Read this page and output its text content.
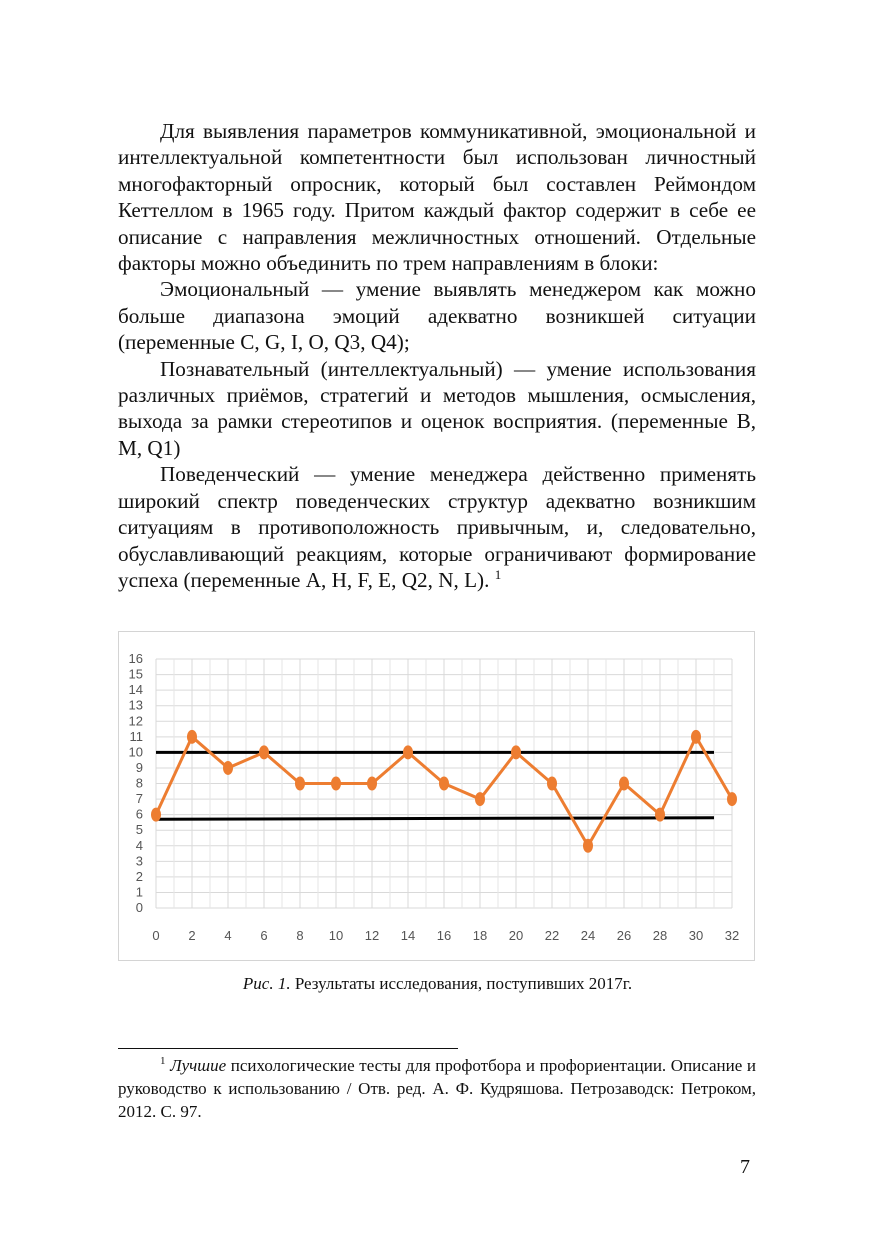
Для выявления параметров коммуникативной, эмоциональной и интеллектуальной компетентности был использован личностный многофакторный опросник, который был составлен Реймондом Кеттеллом в 1965 году. Притом каждый фактор содержит в себе ее описание с направления межличностных отношений. Отдельные факторы можно объединить по трем направлениям в блоки:

Эмоциональный — умение выявлять менеджером как можно больше диапазона эмоций адекватно возникшей ситуации (переменные C, G, I, O, Q3, Q4);

Познавательный (интеллектуальный) — умение использования различных приёмов, стратегий и методов мышления, осмысления, выхода за рамки стереотипов и оценок восприятия. (переменные B, M, Q1)

Поведенческий — умение менеджера действенно применять широкий спектр поведенческих структур адекватно возникшим ситуациям в противоположность привычным, и, следовательно, обуславливающий реакциям, которые ограничивают формирование успеха (переменные A, H, F, E, Q2, N, L). $^1$

0
1
2
3
4
5
6
7
8
9
10
11
12
13
14
15
16
0 2 4 6 8 10 12 14 16 18 20 22 24 26 28 30 32
Рис. 1. Результаты исследования, поступивших 2017г.
$^1$ Лучшие психологические тесты для профотбора и профориентации. Описание и руководство к использованию / Отв. ред. А. Ф. Кудряшова. Петрозаводск: Петроком, 2012. С. 97.
7
